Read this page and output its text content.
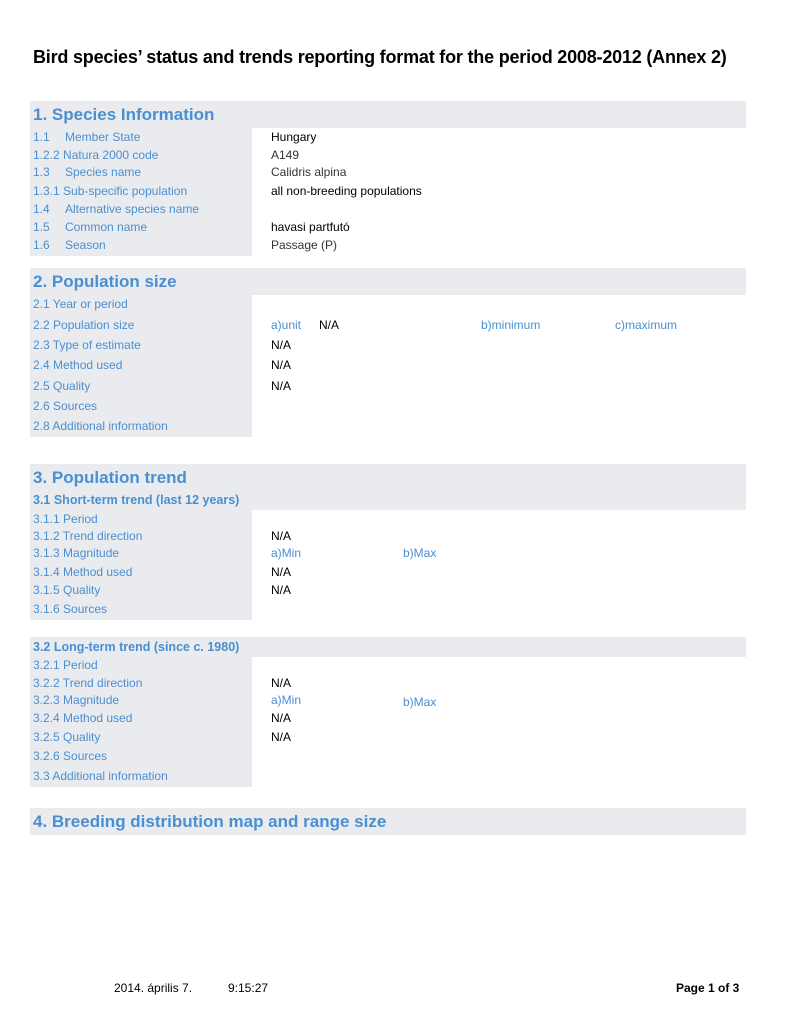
Bird species’ status and trends reporting format for the period 2008-2012 (Annex 2)
1. Species Information
1.1 Member State	Hungary
1.2.2 Natura 2000 code	A149
1.3 Species name	Calidris alpina
1.3.1 Sub-specific population	all non-breeding populations
1.4 Alternative species name
1.5 Common name	havasi partfutó
1.6 Season	Passage (P)
2. Population size
2.1 Year or period
2.2 Population size	a)unit N/A	b)minimum	c)maximum
2.3 Type of estimate	N/A
2.4 Method used	N/A
2.5 Quality	N/A
2.6 Sources
2.8 Additional information
3. Population trend
3.1 Short-term trend (last 12 years)
3.1.1 Period
3.1.2 Trend direction	N/A
3.1.3 Magnitude	a)Min	b)Max
3.1.4 Method used	N/A
3.1.5 Quality	N/A
3.1.6 Sources
3.2 Long-term trend (since c. 1980)
3.2.1 Period
3.2.2 Trend direction	N/A
3.2.3 Magnitude	a)Min	b)Max
3.2.4 Method used	N/A
3.2.5 Quality	N/A
3.2.6 Sources
3.3 Additional information
4. Breeding distribution map and range size
2014. április 7.	9:15:27	Page 1 of 3
